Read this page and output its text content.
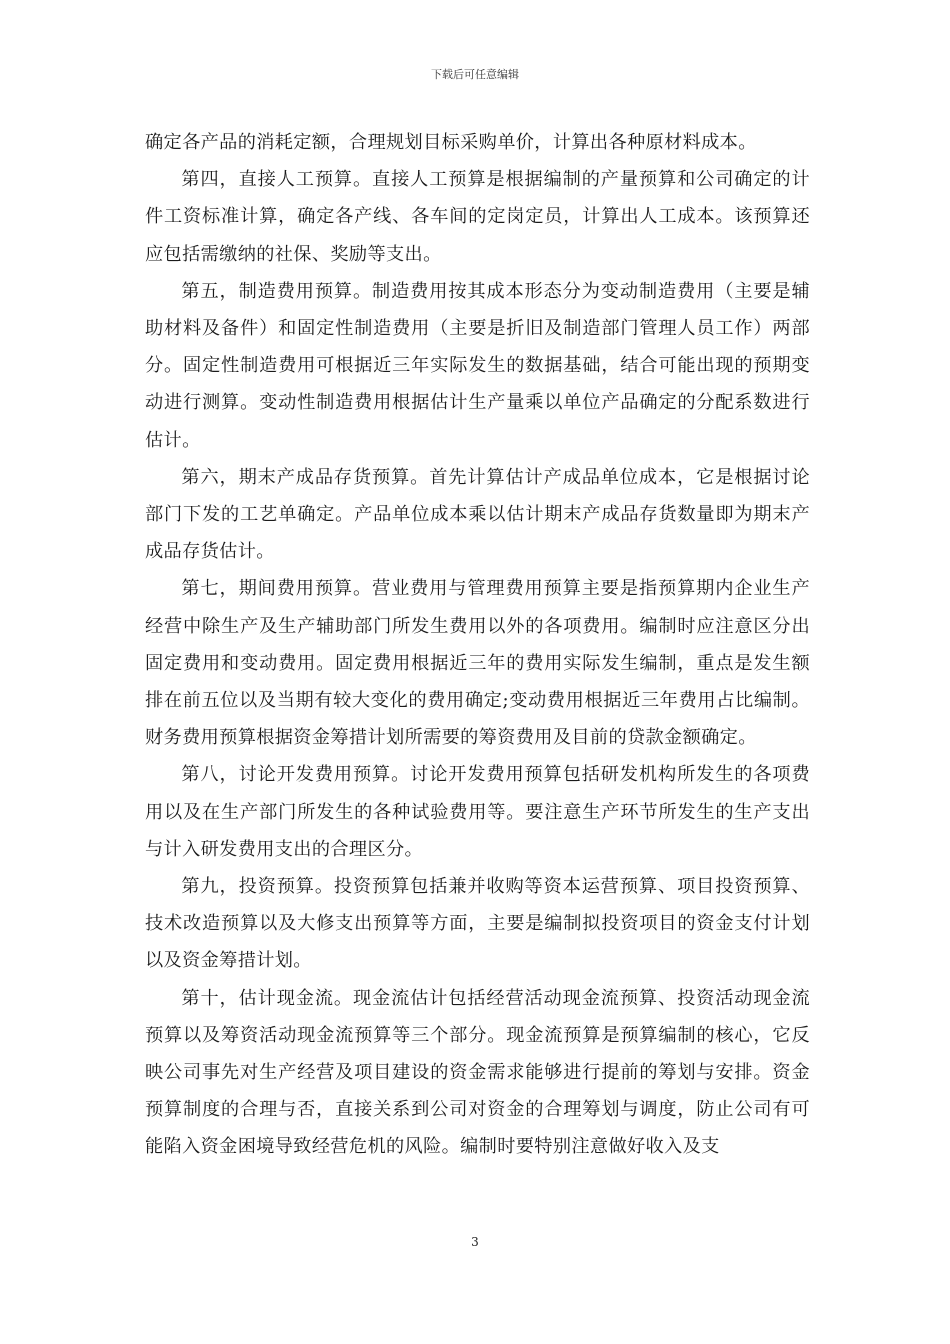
下载后可任意编辑

确定各产品的消耗定额，合理规划目标采购单价，计算出各种原材料成本。

第四，直接人工预算。直接人工预算是根据编制的产量预算和公司确定的计件工资标准计算，确定各产线、各车间的定岗定员，计算出人工成本。该预算还应包括需缴纳的社保、奖励等支出。

第五，制造费用预算。制造费用按其成本形态分为变动制造费用（主要是辅助材料及备件）和固定性制造费用（主要是折旧及制造部门管理人员工作）两部分。固定性制造费用可根据近三年实际发生的数据基础，结合可能出现的预期变动进行测算。变动性制造费用根据估计生产量乘以单位产品确定的分配系数进行估计。

第六，期末产成品存货预算。首先计算估计产成品单位成本，它是根据讨论部门下发的工艺单确定。产品单位成本乘以估计期末产成品存货数量即为期末产成品存货估计。

第七，期间费用预算。营业费用与管理费用预算主要是指预算期内企业生产经营中除生产及生产辅助部门所发生费用以外的各项费用。编制时应注意区分出固定费用和变动费用。固定费用根据近三年的费用实际发生编制，重点是发生额排在前五位以及当期有较大变化的费用确定;变动费用根据近三年费用占比编制。财务费用预算根据资金筹措计划所需要的筹资费用及目前的贷款金额确定。

第八，讨论开发费用预算。讨论开发费用预算包括研发机构所发生的各项费用以及在生产部门所发生的各种试验费用等。要注意生产环节所发生的生产支出与计入研发费用支出的合理区分。

第九，投资预算。投资预算包括兼并收购等资本运营预算、项目投资预算、技术改造预算以及大修支出预算等方面，主要是编制拟投资项目的资金支付计划以及资金筹措计划。

第十，估计现金流。现金流估计包括经营活动现金流预算、投资活动现金流预算以及筹资活动现金流预算等三个部分。现金流预算是预算编制的核心，它反映公司事先对生产经营及项目建设的资金需求能够进行提前的筹划与安排。资金预算制度的合理与否，直接关系到公司对资金的合理筹划与调度，防止公司有可能陷入资金困境导致经营危机的风险。编制时要特别注意做好收入及支

3
